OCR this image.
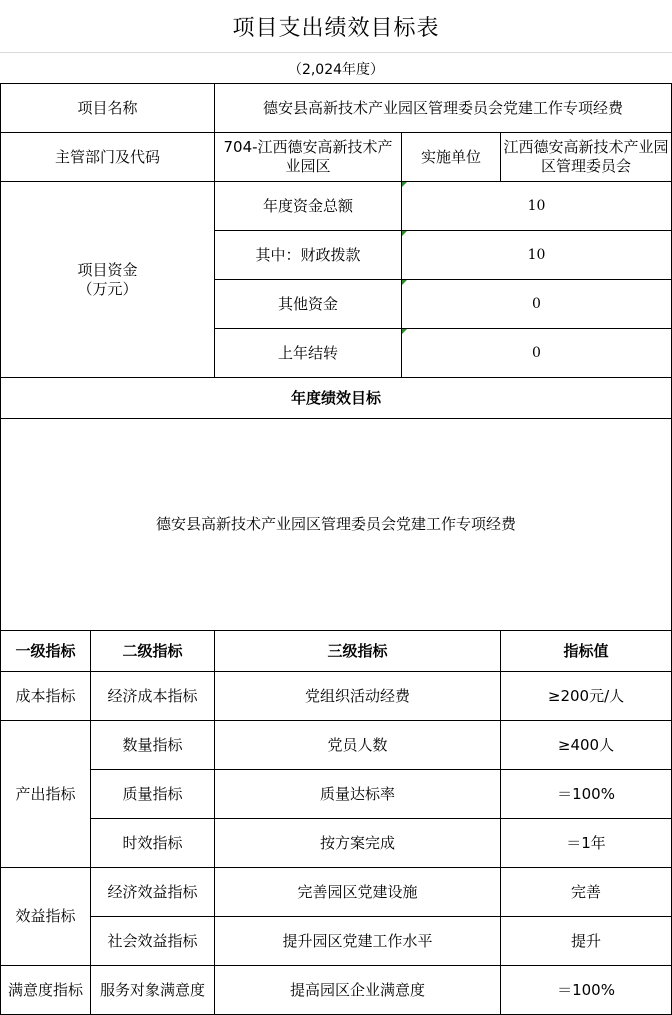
项目支出绩效目标表
（2,024年度）
项目名称		德安县高新技术产业园区管理委员会党建工作专项经费		
主管部门及代码		704-江西德安高新技术产业园区	实施单位	江西德安高新技术产业园区管理委员会
项目资金
（万元）		年度资金总额	10	
		其中：财政拨款	10	
		其他资金	0	
		上年结转	0	
年度绩效目标				
德安县高新技术产业园区管理委员会党建工作专项经费				
一级指标	二级指标	三级指标		指标值
成本指标	经济成本指标	党组织活动经费		≥200元/人
产出指标	数量指标	党员人数		≥400人
	质量指标	质量达标率		＝100%
	时效指标	按方案完成		＝1年
效益指标	经济效益指标	完善园区党建设施		完善
	社会效益指标	提升园区党建工作水平		提升
满意度指标	服务对象满意度	提高园区企业满意度		＝100%
